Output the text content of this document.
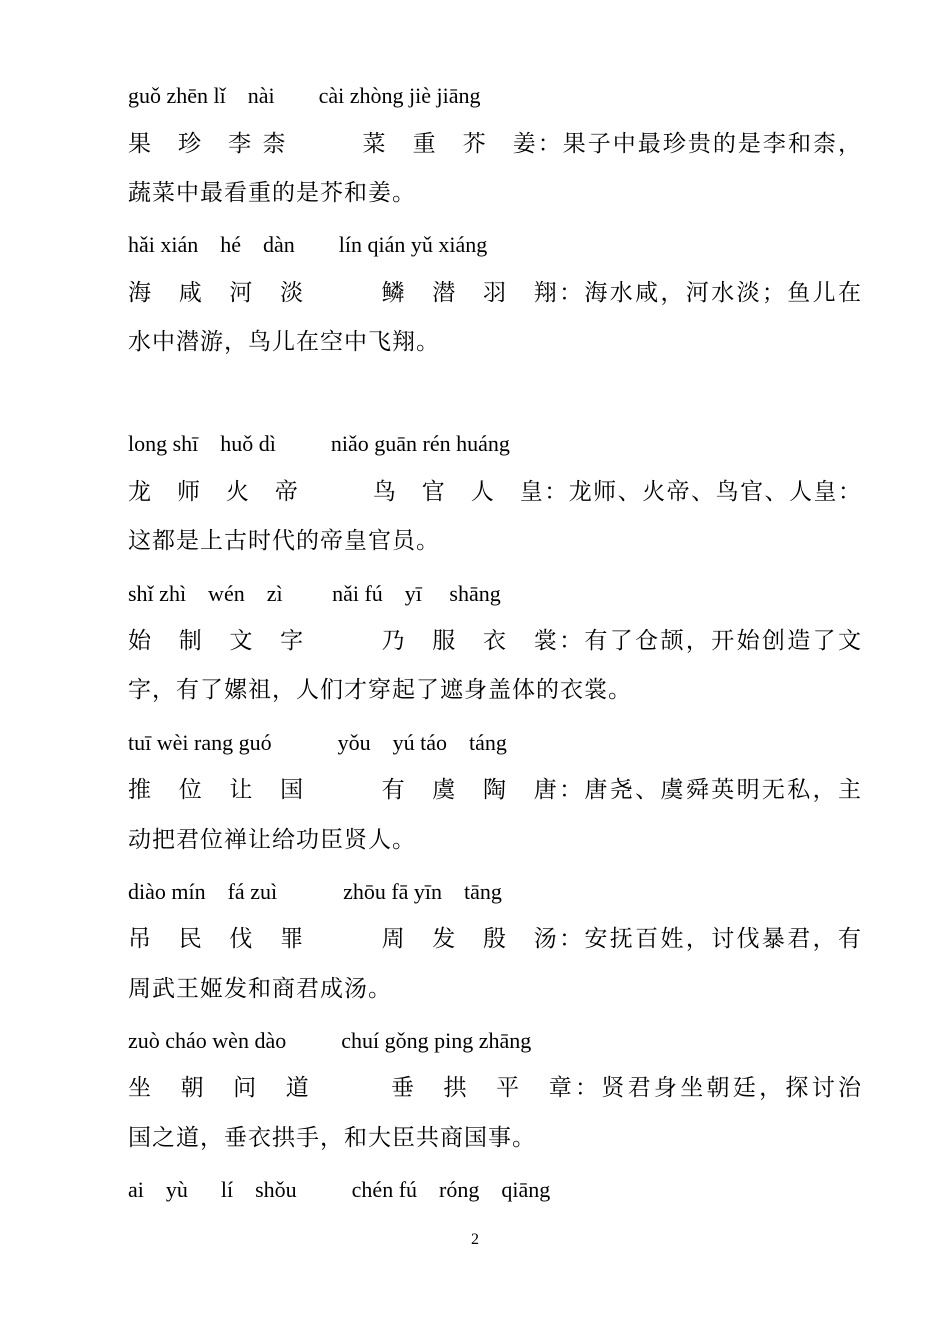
guǒ zhēn lǐ    nài        cài zhòng jiè jiāng
果　珍　李 柰　　　菜　重　芥　姜：果子中最珍贵的是李和柰，
蔬菜中最看重的是芥和姜。
hǎi xián    hé    dàn        lín qián yǔ xiáng
海　咸　河　淡　　　鳞　潜　羽　翔：海水咸，河水淡；鱼儿在
水中潜游，鸟儿在空中飞翔。
long shī    huǒ dì          niǎo guān rén huáng
龙　师　火　帝　　　鸟　官　人　皇：龙师、火帝、鸟官、人皇：
这都是上古时代的帝皇官员。
shǐ zhì    wén    zì         nǎi fú    yī     shāng
始　制　文　字　　　乃　服　衣　裳：有了仓颉，开始创造了文
字，有了嫘祖，人们才穿起了遮身盖体的衣裳。
tuī wèi rang guó            yǒu    yú táo    táng
推　位　让　国　　　有　虞　陶　唐：唐尧、虞舜英明无私，主
动把君位禅让给功臣贤人。
diào mín    fá zuì            zhōu fā yīn    tāng
吊　民　伐　罪　　　周　发　殷　汤：安抚百姓，讨伐暴君，有
周武王姬发和商君成汤。
zuò cháo wèn dào          chuí gǒng ping zhāng
坐　朝　问　道　　　垂　拱　平　章：贤君身坐朝廷，探讨治
国之道，垂衣拱手，和大臣共商国事。
ai    yù      lí    shǒu          chén fú    róng    qiāng
2
